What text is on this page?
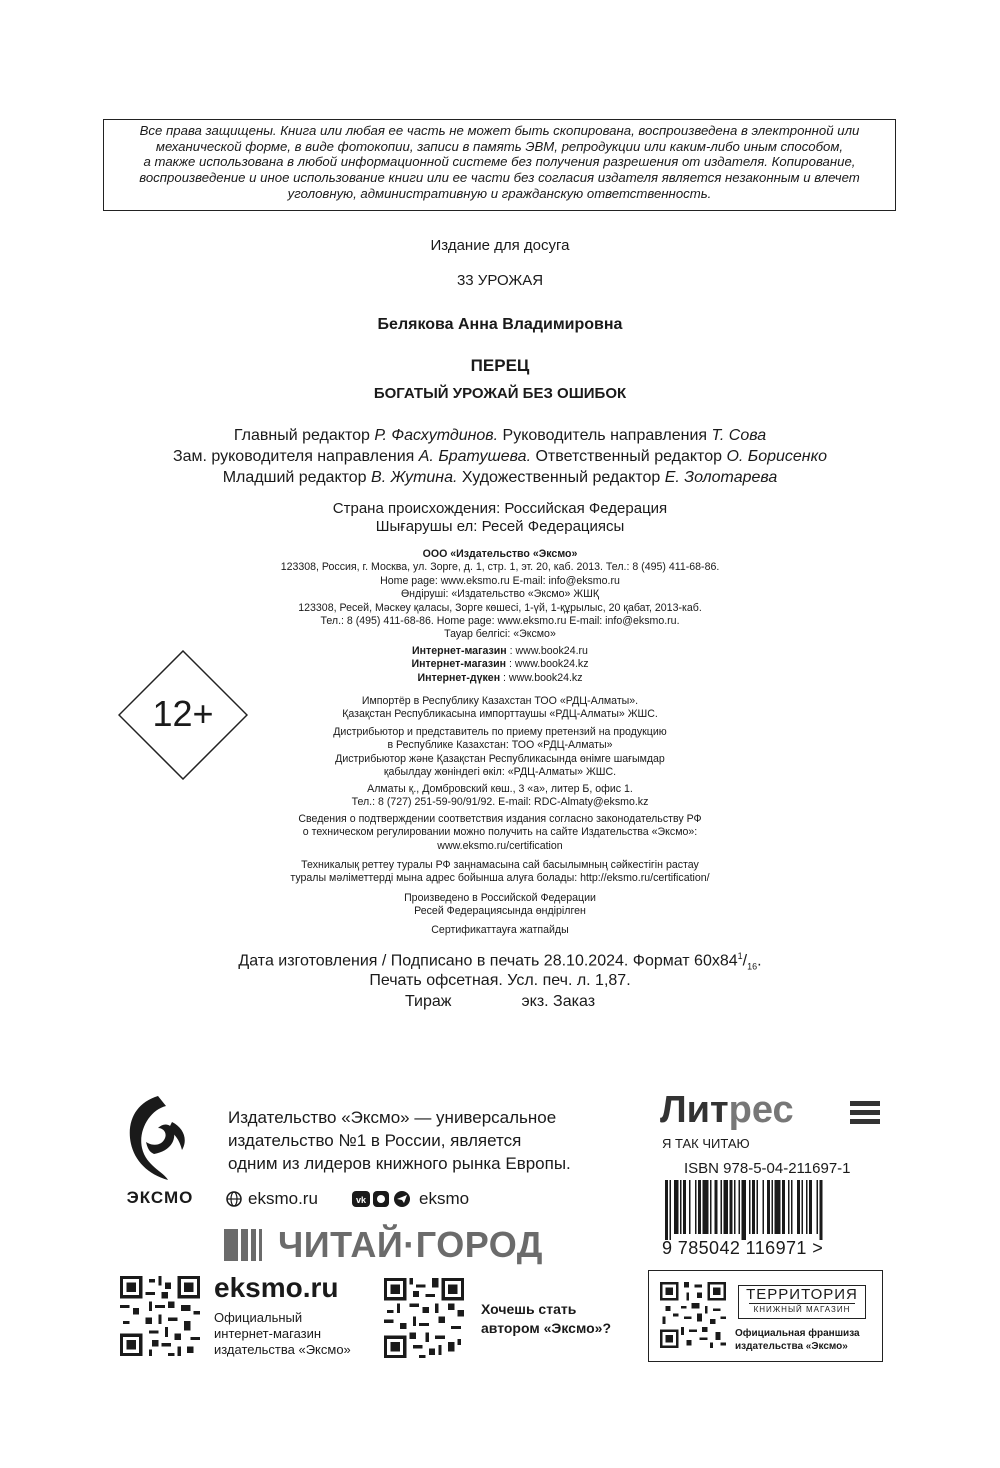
Все права защищены. Книга или любая ее часть не может быть скопирована, воспроизведена в электронной или
механической форме, в виде фотокопии, записи в память ЭВМ, репродукции или каким-либо иным способом,
а также использована в любой информационной системе без получения разрешения от издателя. Копирование,
воспроизведение и иное использование книги или ее части без согласия издателя является незаконным и влечет
уголовную, административную и гражданскую ответственность.
Издание для досуга
33 УРОЖАЯ
Белякова Анна Владимировна
ПЕРЕЦ
БОГАТЫЙ УРОЖАЙ БЕЗ ОШИБОК
Главный редактор Р. Фасхутдинов. Руководитель направления Т. Сова
Зам. руководителя направления А. Братушева. Ответственный редактор О. Борисенко
Младший редактор В. Жутина. Художественный редактор Е. Золотарева
Страна происхождения: Российская Федерация
Шығарушы ел: Ресей Федерациясы
ООО «Издательство «Эксмо»
123308, Россия, г. Москва, ул. Зорге, д. 1, стр. 1, эт. 20, каб. 2013. Тел.: 8 (495) 411-68-86.
Home page: www.eksmo.ru E-mail: info@eksmo.ru
Өндіруші: «Издательство «Эксмо» ЖШҚ
123308, Ресей, Мәскеу қаласы, Зорге көшесі, 1-үй, 1-құрылыс, 20 қабат, 2013-каб.
Тел.: 8 (495) 411-68-86. Home page: www.eksmo.ru E-mail: info@eksmo.ru.
Тауар белгісі: «Эксмо»
Интернет-магазин : www.book24.ru
Интернет-магазин : www.book24.kz
Интернет-дүкен : www.book24.kz
Импортёр в Республику Казахстан ТОО «РДЦ-Алматы».
Қазақстан Республикасына импорттаушы «РДЦ-Алматы» ЖШС.
Дистрибьютор и представитель по приему претензий на продукцию
в Республике Казахстан: ТОО «РДЦ-Алматы»
Дистрибьютор және Қазақстан Республикасында өнімге шағымдар
қабылдау жөніндегі өкіл: «РДЦ-Алматы» ЖШС.
Алматы қ., Домбровский көш., 3 «а», литер Б, офис 1.
Тел.: 8 (727) 251-59-90/91/92. E-mail: RDC-Almaty@eksmo.kz
Сведения о подтверждении соответствия издания согласно законодательству РФ
о техническом регулировании можно получить на сайте Издательства «Эксмо»:
www.eksmo.ru/certification
Техникалық реттеу туралы РФ заңнамасына сай басылымның сәйкестігін растау
туралы мәліметтерді мына адрес бойынша алуға болады: http://eksmo.ru/certification/
Произведено в Российской Федерации
Ресей Федерациясында өндірілген
Сертификаттауға жатпайды
Дата изготовления / Подписано в печать 28.10.2024. Формат $60x84^1/_{16}$.
Печать офсетная. Усл. печ. л. 1,87.
Тираж	экз. Заказ
12+
ЭКСМО
Издательство «Эксмо» — универсальное
издательство №1 в России, является
одним из лидеров книжного рынка Европы.
eksmo.ru	vk	eksmo
ЧИТАЙ·ГОРОД
eksmo.ru
Официальный
интернет-магазин
издательства «Эксмо»
Хочешь стать
автором «Эксмо»?
Литрес
Я ТАК ЧИТАЮ
ISBN 978-5-04-211697-1
9 785042 116971 >
ТЕРРИТОРИЯ
КНИЖНЫЙ МАГАЗИН
Официальная франшиза
издательства «Эксмо»
